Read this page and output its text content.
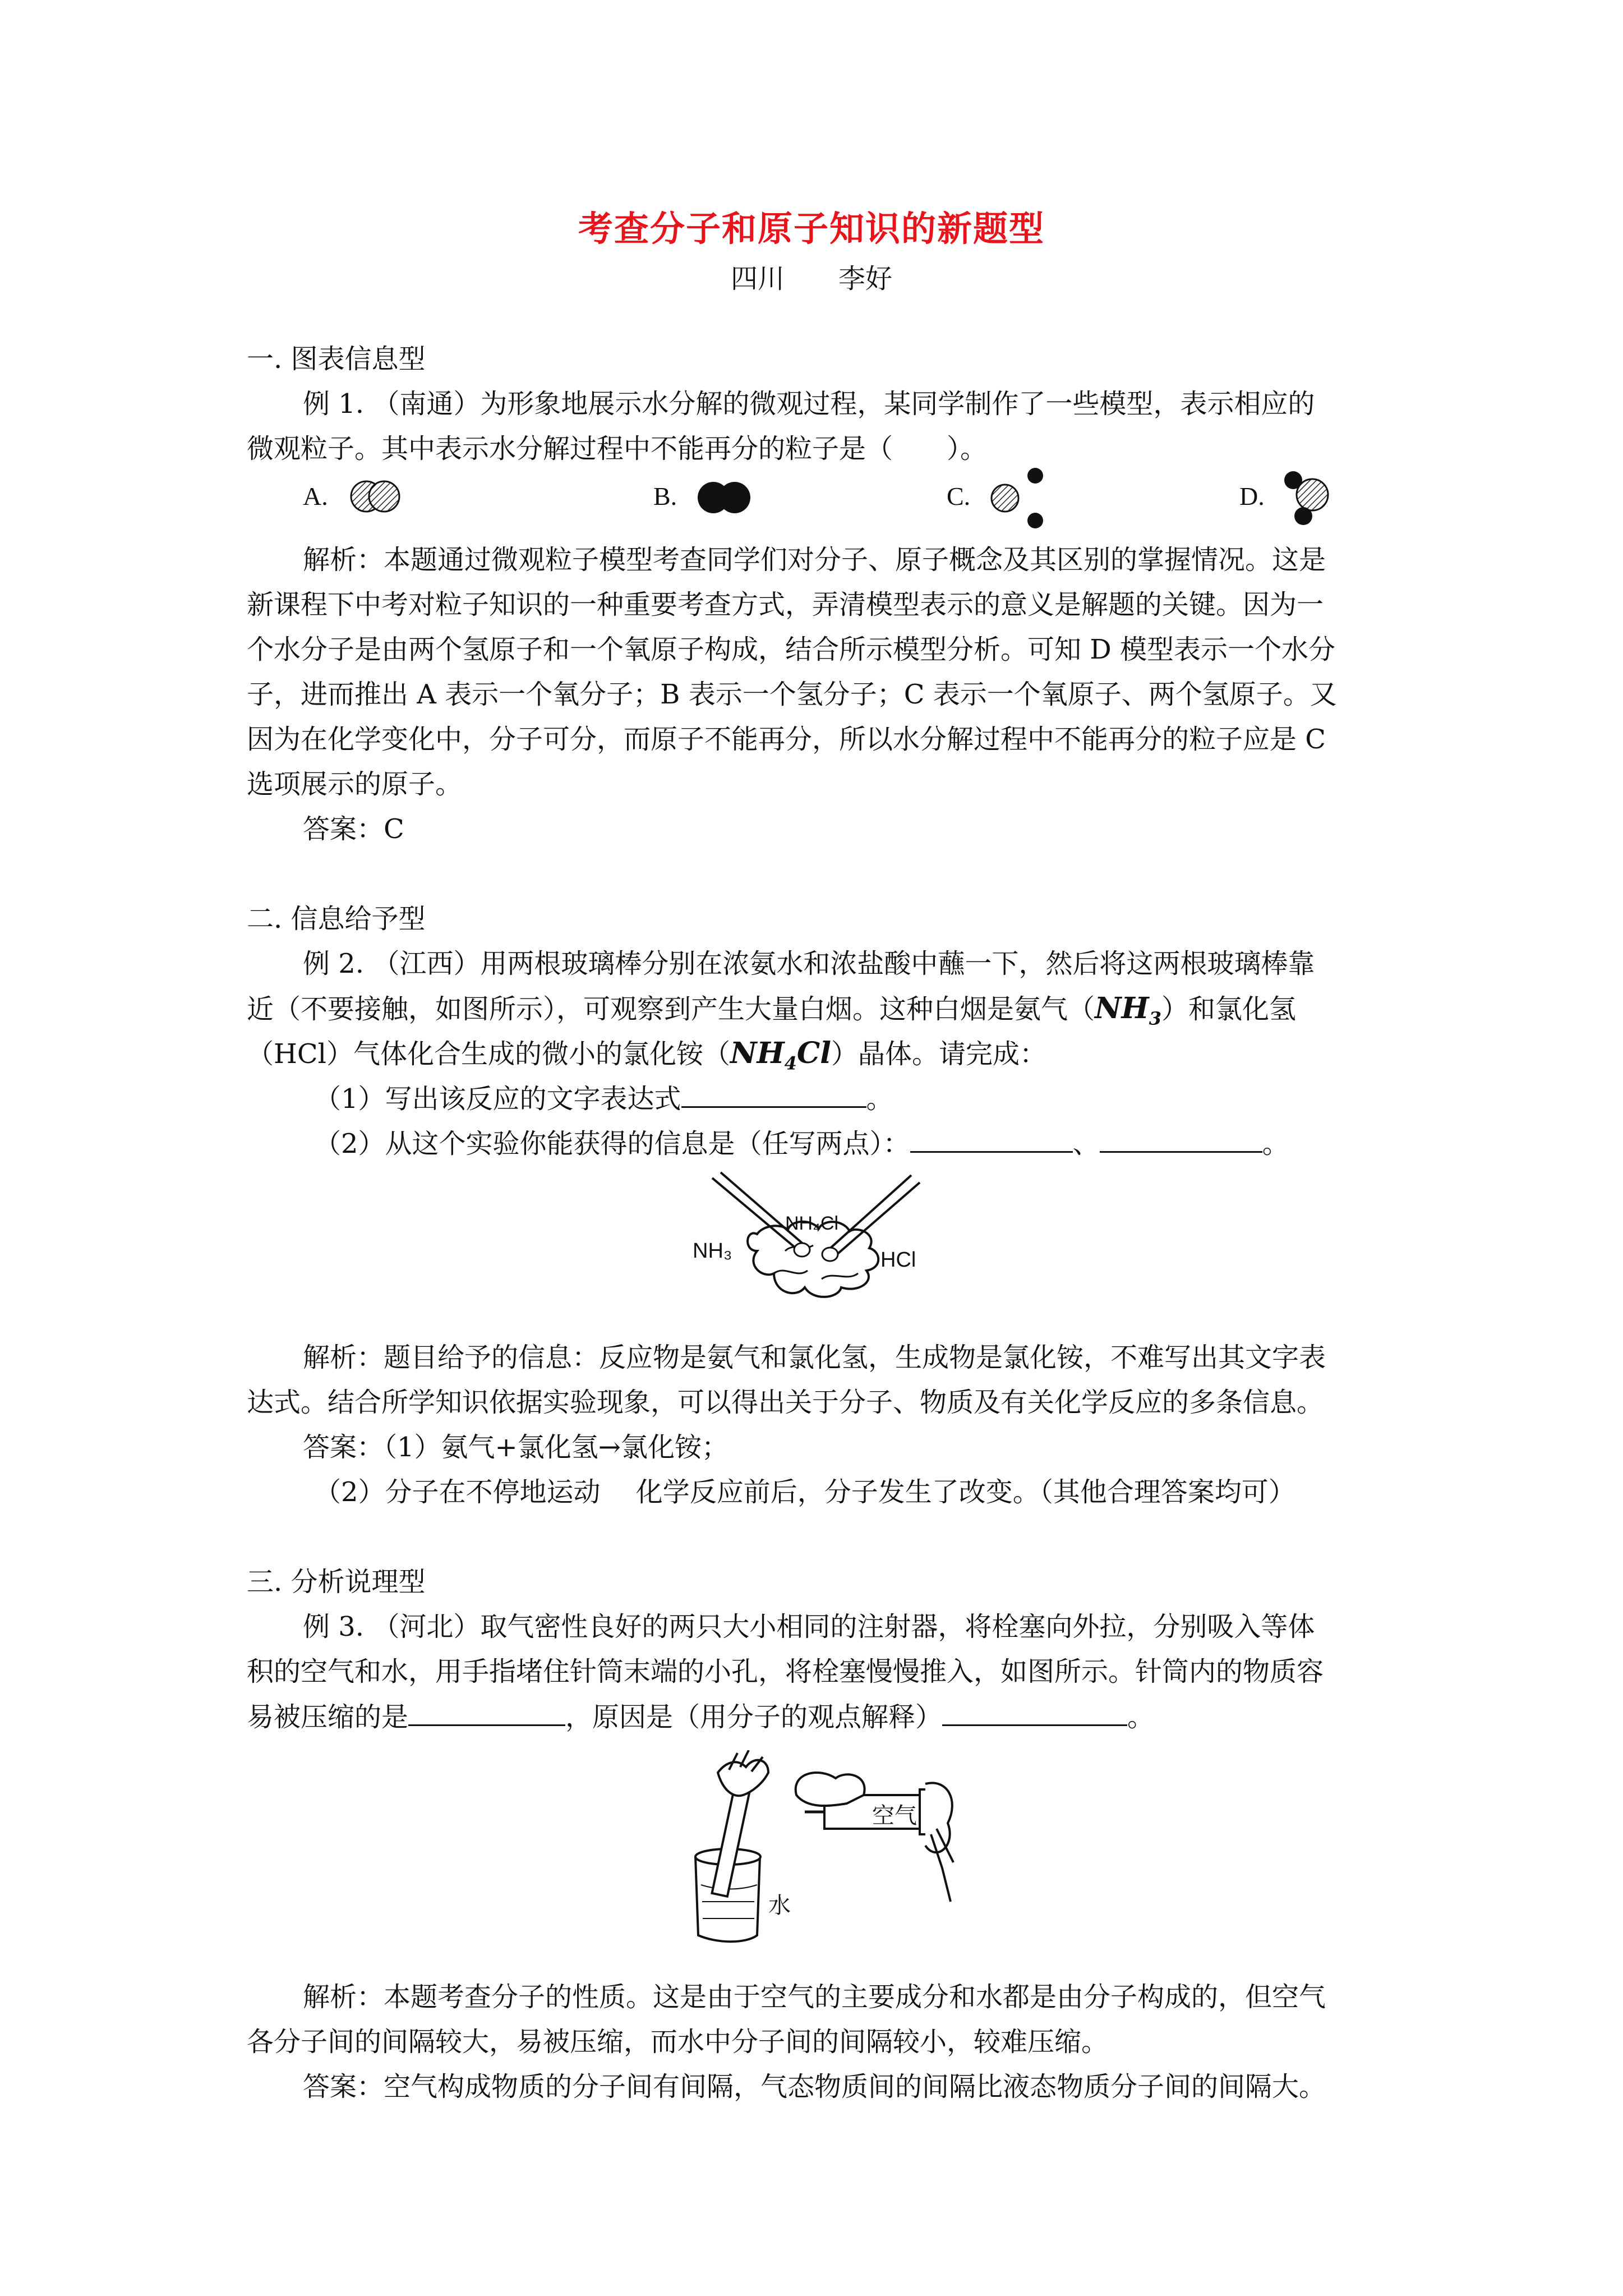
考查分子和原子知识的新题型
四川　　李好
一. 图表信息型
例 1. （南通）为形象地展示水分解的微观过程，某同学制作了一些模型，表示相应的
微观粒子。其中表示水分解过程中不能再分的粒子是（　　）。
A.	B.	C.	D.
解析：本题通过微观粒子模型考查同学们对分子、原子概念及其区别的掌握情况。这是
新课程下中考对粒子知识的一种重要考查方式，弄清模型表示的意义是解题的关键。因为一
个水分子是由两个氢原子和一个氧原子构成，结合所示模型分析。可知 D 模型表示一个水分
子，进而推出 A 表示一个氧分子；B 表示一个氢分子；C 表示一个氧原子、两个氢原子。又
因为在化学变化中，分子可分，而原子不能再分，所以水分解过程中不能再分的粒子应是 C
选项展示的原子。
答案：C
二. 信息给予型
例 2. （江西）用两根玻璃棒分别在浓氨水和浓盐酸中蘸一下，然后将这两根玻璃棒靠
近（不要接触，如图所示），可观察到产生大量白烟。这种白烟是氨气$(NH_3)$和氯化氢
（HCl）气体化合生成的微小的氯化铵$(NH_4Cl)$晶体。请完成：
（1）写出该反应的文字表达式	。
（2）从这个实验你能获得的信息是（任写两点）：	、	。
NH₃
NH₄Cl
HCl
解析：题目给予的信息：反应物是氨气和氯化氢，生成物是氯化铵，不难写出其文字表
达式。结合所学知识依据实验现象，可以得出关于分子、物质及有关化学反应的多条信息。
答案：（1）氨气+氯化氢→氯化铵；
（2）分子在不停地运动　 化学反应前后，分子发生了改变。（其他合理答案均可）
三. 分析说理型
例 3. （河北）取气密性良好的两只大小相同的注射器，将栓塞向外拉，分别吸入等体
积的空气和水，用手指堵住针筒末端的小孔，将栓塞慢慢推入，如图所示。针筒内的物质容
易被压缩的是	，原因是（用分子的观点解释）	。
水
空气
解析：本题考查分子的性质。这是由于空气的主要成分和水都是由分子构成的，但空气
各分子间的间隔较大，易被压缩，而水中分子间的间隔较小，较难压缩。
答案：空气构成物质的分子间有间隔，气态物质间的间隔比液态物质分子间的间隔大。
